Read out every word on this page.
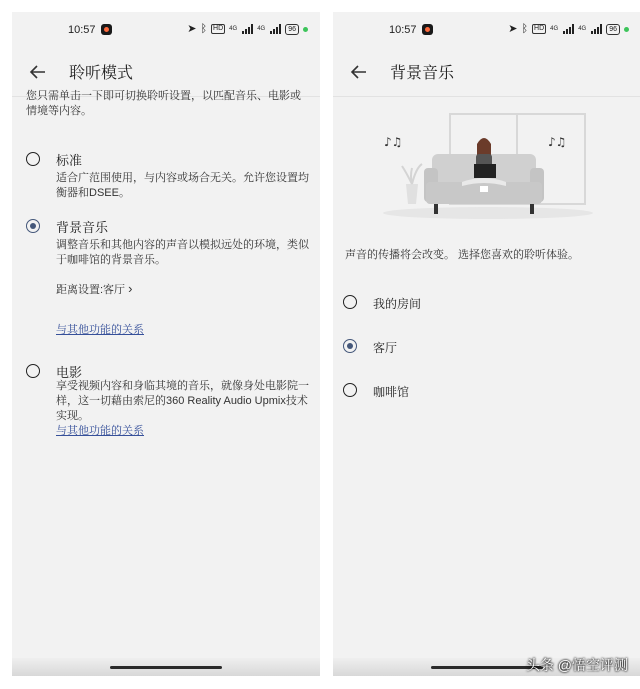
10:57	➤ ᛒ HD	4G	4G	96
聆听模式
您只需单击一下即可切换聆听设置，以匹配音乐、电影或情境等内容。
标准
适合广范围使用，与内容或场合无关。允许您设置均衡器和DSEE。
背景音乐
调整音乐和其他内容的声音以模拟远处的环境，类似于咖啡馆的背景音乐。
距离设置:客厅 ›
与其他功能的关系
电影
享受视频内容和身临其境的音乐，就像身处电影院一样，这一切藉由索尼的360 Reality Audio Upmix技术实现。
与其他功能的关系
10:57	➤ ᛒ HD	4G	4G	96
背景音乐
♪♫	♪♫
声音的传播将会改变。 选择您喜欢的聆听体验。
我的房间
客厅
咖啡馆
头条 @悟空评测
